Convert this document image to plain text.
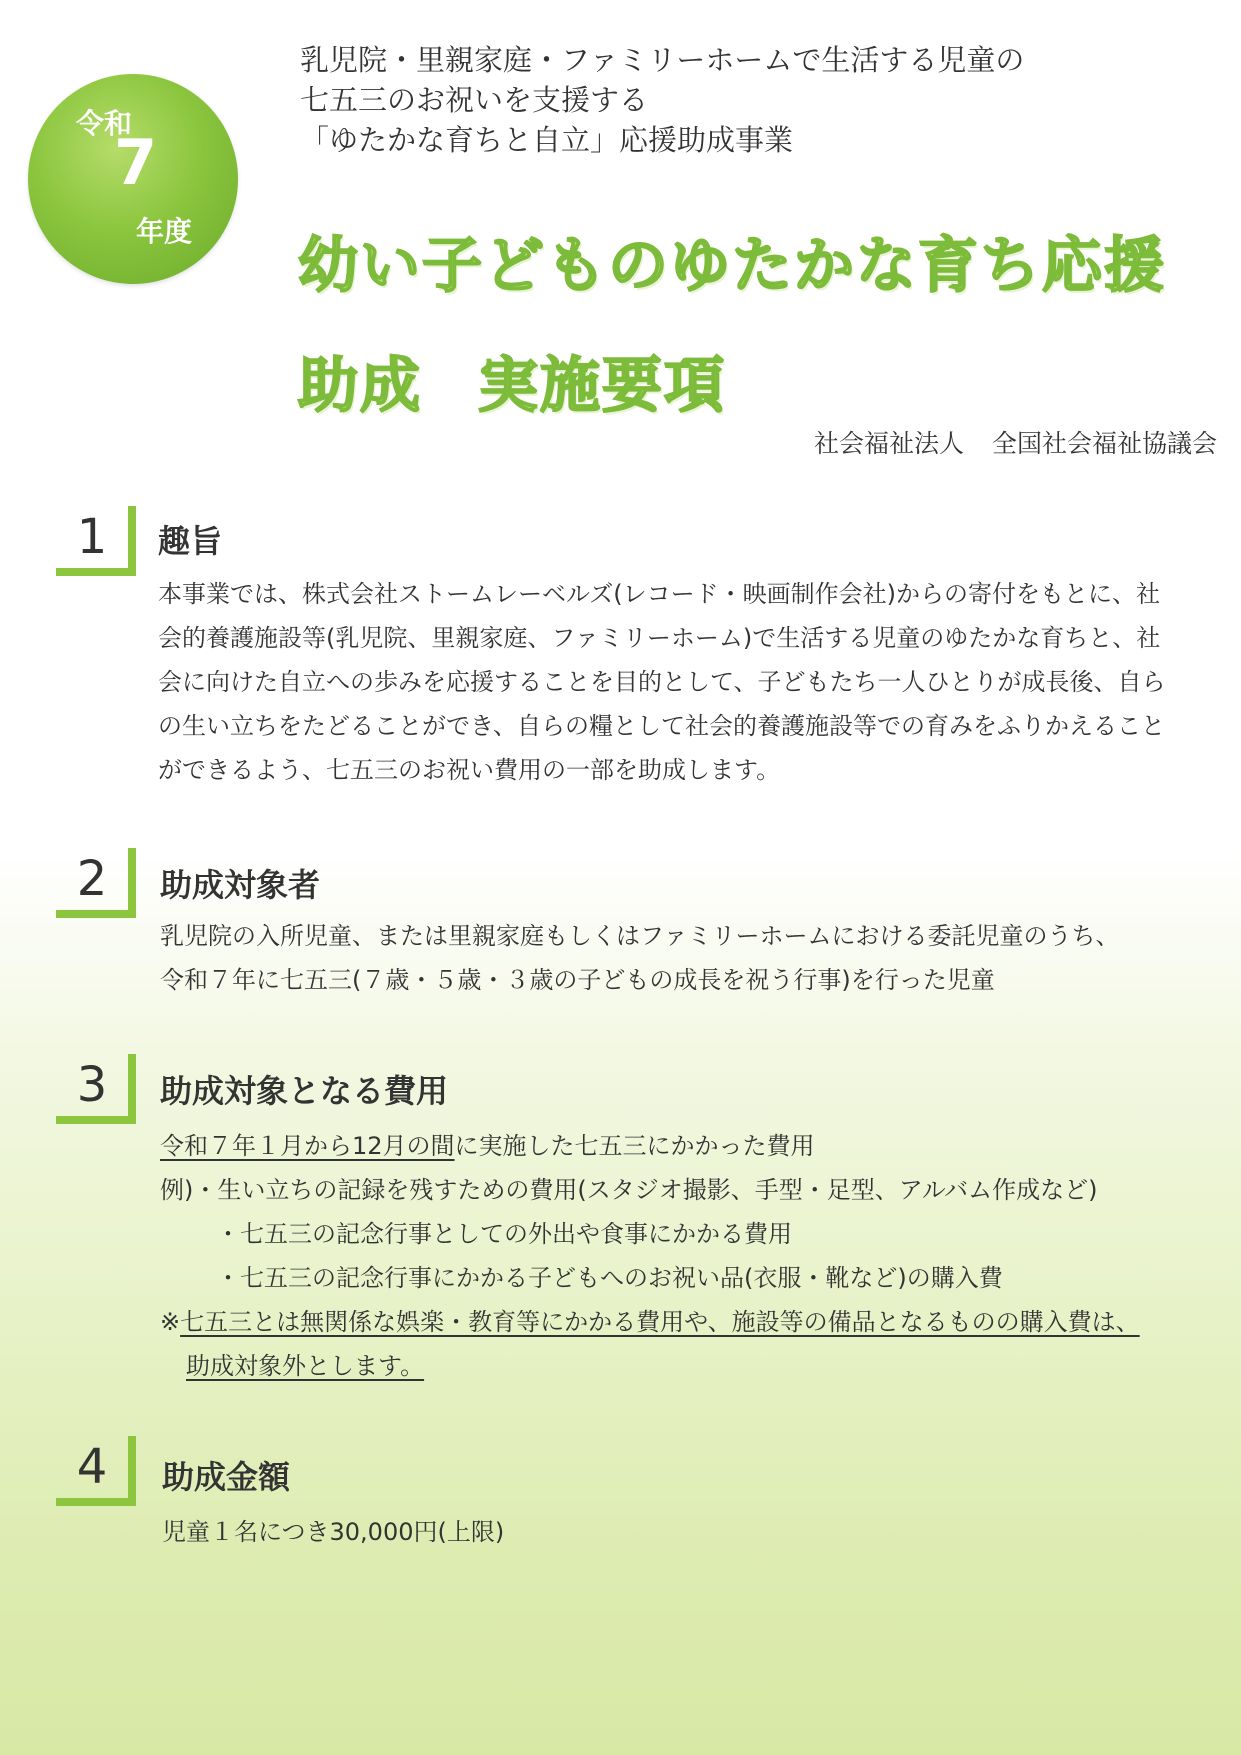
令和
7
年度
乳児院・里親家庭・ファミリーホームで生活する児童の
七五三のお祝いを支援する
「ゆたかな育ちと自立」応援助成事業
幼い子どものゆたかな育ち応援
助成 実施要項
社会福祉法人 全国社会福祉協議会
1	趣旨
本事業では、株式会社ストームレーベルズ(レコード・映画制作会社)からの寄付をもとに、社
会的養護施設等(乳児院、里親家庭、ファミリーホーム)で生活する児童のゆたかな育ちと、社
会に向けた自立への歩みを応援することを目的として、子どもたち一人ひとりが成長後、自ら
の生い立ちをたどることができ、自らの糧として社会的養護施設等での育みをふりかえること
ができるよう、七五三のお祝い費用の一部を助成します。
2	助成対象者
乳児院の入所児童、または里親家庭もしくはファミリーホームにおける委託児童のうち、
令和７年に七五三(７歳・５歳・３歳の子どもの成長を祝う行事)を行った児童
3	助成対象となる費用
令和７年１月から12月の間に実施した七五三にかかった費用
例)・生い立ちの記録を残すための費用(スタジオ撮影、手型・足型、アルバム作成など)
・七五三の記念行事としての外出や食事にかかる費用
・七五三の記念行事にかかる子どもへのお祝い品(衣服・靴など)の購入費
※七五三とは無関係な娯楽・教育等にかかる費用や、施設等の備品となるものの購入費は、
助成対象外とします。
4	助成金額
児童１名につき30,000円(上限)
